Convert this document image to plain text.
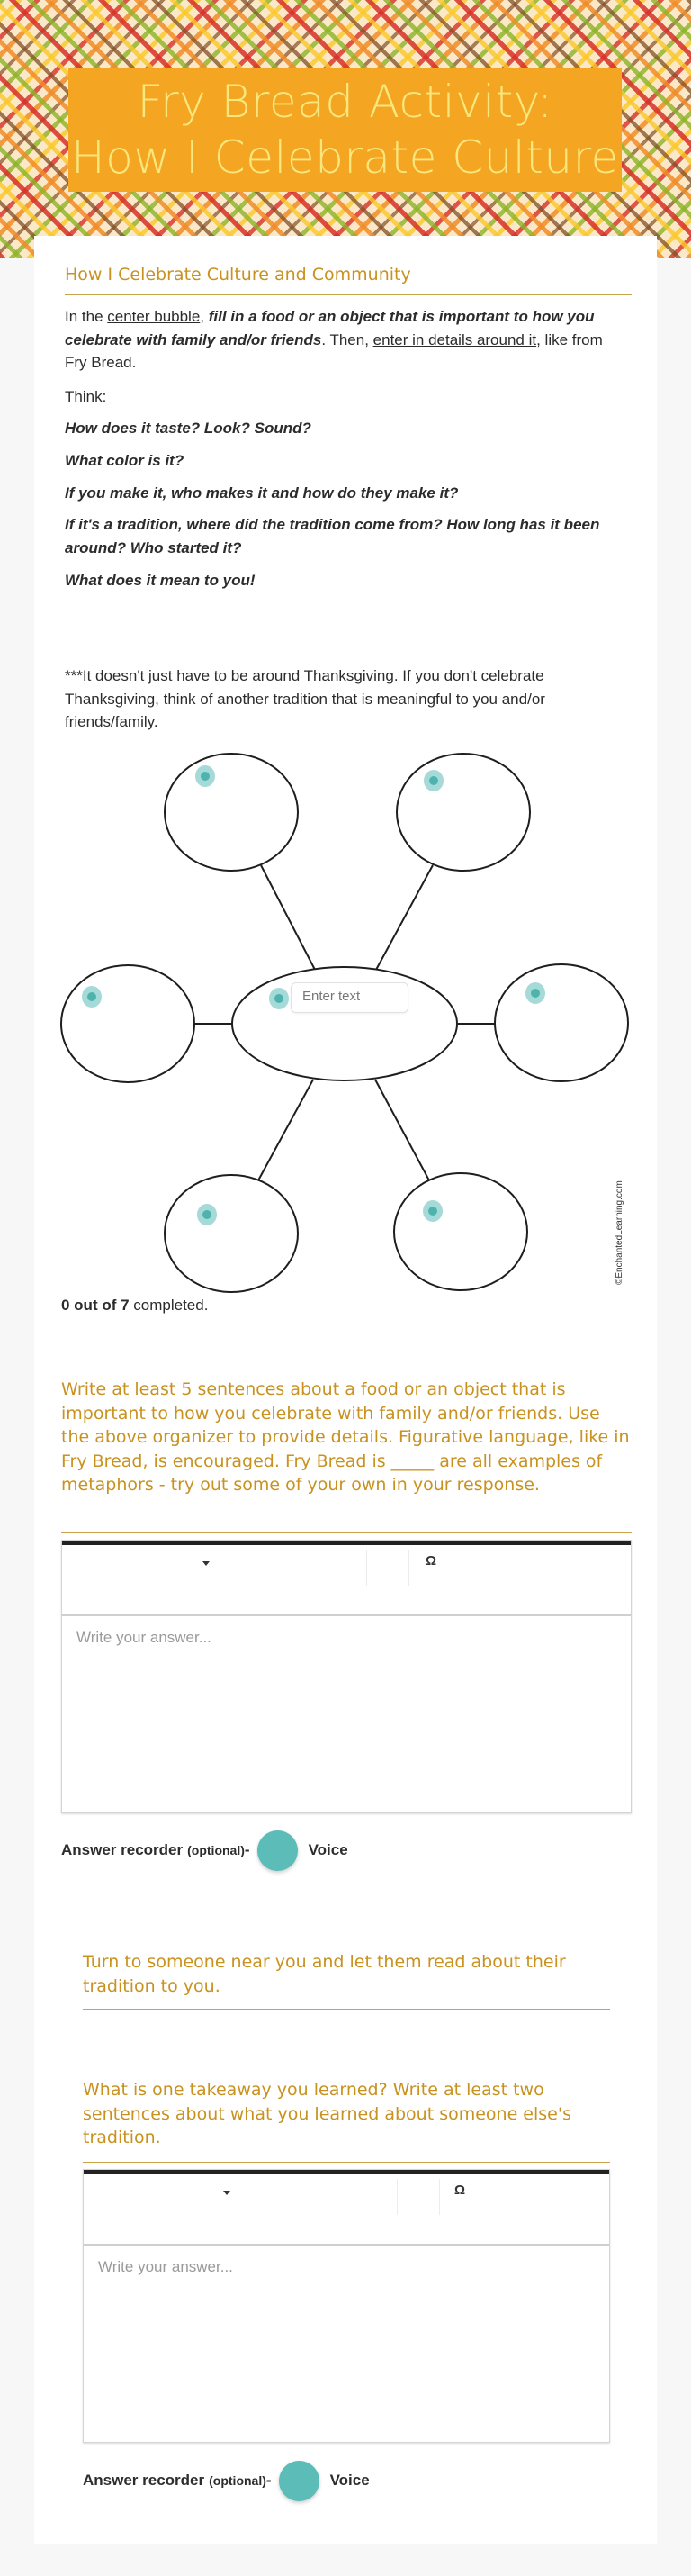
Fry Bread Activity:
How I Celebrate Culture
How I Celebrate Culture and Community
In the center bubble, fill in a food or an object that is important to how you celebrate with family and/or friends. Then, enter in details around it, like from Fry Bread.
Think:
How does it taste? Look? Sound?
What color is it?
If you make it, who makes it and how do they make it?
If it's a tradition, where did the tradition come from? How long has it been around? Who started it?
What does it mean to you!
***It doesn't just have to be around Thanksgiving. If you don't celebrate Thanksgiving, think of another tradition that is meaningful to you and/or friends/family.
Enter text
©EnchantedLearning.com
0 out of 7 completed.
Write at least 5 sentences about a food or an object that is important to how you celebrate with family and/or friends. Use the above organizer to provide details. Figurative language, like in Fry Bread, is encouraged. Fry Bread is _____ are all examples of metaphors - try out some of your own in your response.
Ω
Write your answer...
Answer recorder (optional) -	Voice
Turn to someone near you and let them read about their tradition to you.
What is one takeaway you learned? Write at least two sentences about what you learned about someone else's tradition.
Ω
Write your answer...
Answer recorder (optional) -	Voice
